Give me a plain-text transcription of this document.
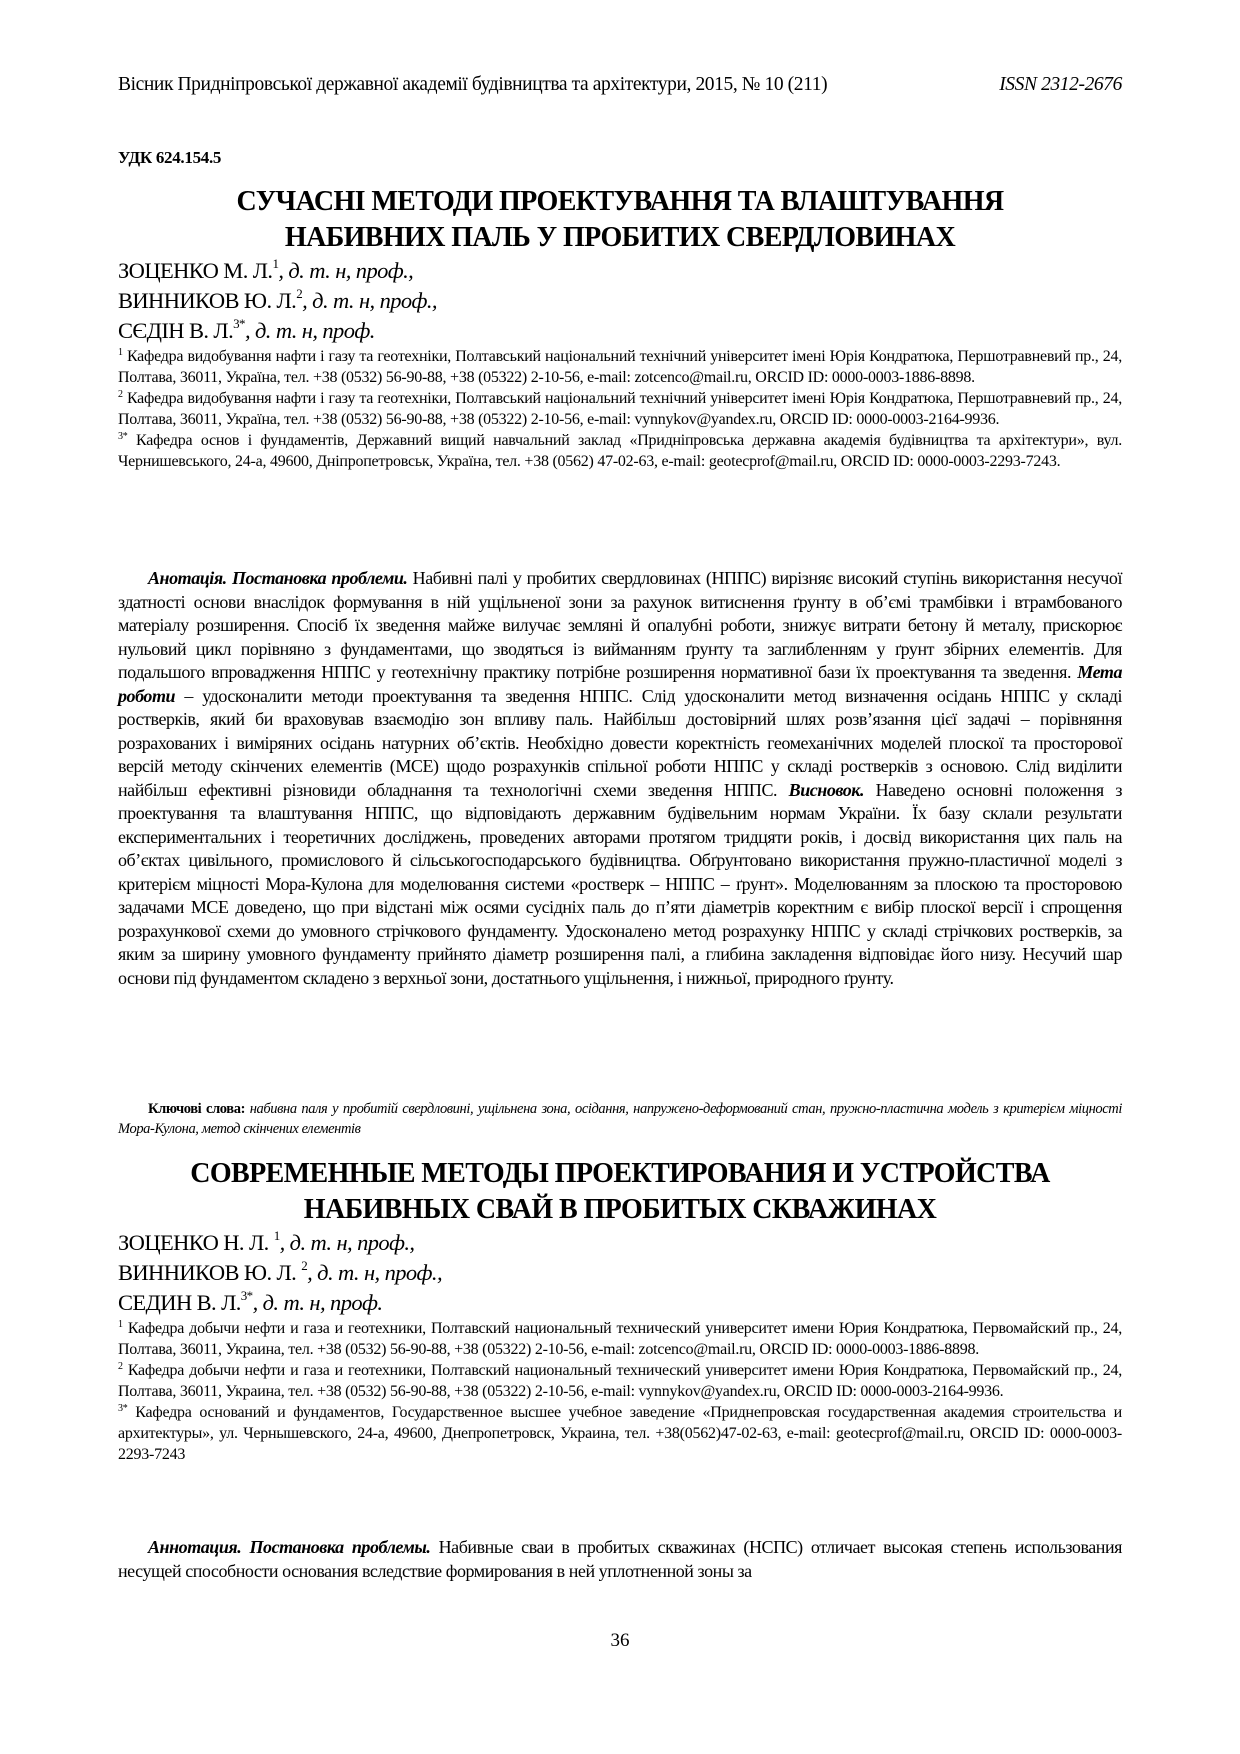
Вісник Придніпровської державної академії будівництва та архітектури, 2015, № 10 (211)	ISSN 2312-2676
УДК 624.154.5
СУЧАСНІ МЕТОДИ ПРОЕКТУВАННЯ ТА ВЛАШТУВАННЯ
НАБИВНИХ ПАЛЬ У ПРОБИТИХ СВЕРДЛОВИНАХ
ЗОЦЕНКО М. Л.$^1$, д. т. н, проф.,
ВИННИКОВ Ю. Л.$^2$, д. т. н, проф.,
СЄДІН В. Л.$^{3*}$, д. т. н, проф.

$^1$ Кафедра видобування нафти і газу та геотехніки, Полтавський національний технічний університет імені Юрія Кондратюка, Першотравневий пр., 24, Полтава, 36011, Україна, тел. +38 (0532) 56-90-88, +38 (05322) 2-10-56, e-mail: zotcenco@mail.ru, ORCID ID: 0000-0003-1886-8898.

$^2$ Кафедра видобування нафти і газу та геотехніки, Полтавський національний технічний університет імені Юрія Кондратюка, Першотравневий пр., 24, Полтава, 36011, Україна, тел. +38 (0532) 56-90-88, +38 (05322) 2-10-56, e-mail: vynnykov@yandex.ru, ORCID ID: 0000-0003-2164-9936.

$^{3*}$ Кафедра основ і фундаментів, Державний вищий навчальний заклад «Придніпровська державна академія будівництва та архітектури», вул. Чернишевського, 24-а, 49600, Дніпропетровськ, Україна, тел. +38 (0562) 47-02-63, e-mail: geotecprof@mail.ru, ORCID ID: 0000-0003-2293-7243.

Анотація. Постановка проблеми. Набивні палі у пробитих свердловинах (НППС) вирізняє високий ступінь використання несучої здатності основи внаслідок формування в ній ущільненої зони за рахунок витиснення ґрунту в об’ємі трамбівки і втрамбованого матеріалу розширення. Спосіб їх зведення майже вилучає земляні й опалубні роботи, знижує витрати бетону й металу, прискорює нульовий цикл порівняно з фундаментами, що зводяться із вийманням ґрунту та заглибленням у ґрунт збірних елементів. Для подальшого впровадження НППС у геотехнічну практику потрібне розширення нормативної бази їх проектування та зведення. Мета роботи – удосконалити методи проектування та зведення НППС. Слід удосконалити метод визначення осідань НППС у складі ростверків, який би враховував взаємодію зон впливу паль. Найбільш достовірний шлях розв’язання цієї задачі – порівняння розрахованих і виміряних осідань натурних об’єктів. Необхідно довести коректність геомеханічних моделей плоскої та просторової версій методу скінчених елементів (МСЕ) щодо розрахунків спільної роботи НППС у складі ростверків з основою. Слід виділити найбільш ефективні різновиди обладнання та технологічні схеми зведення НППС. Висновок. Наведено основні положення з проектування та влаштування НППС, що відповідають державним будівельним нормам України. Їх базу склали результати експериментальних і теоретичних досліджень, проведених авторами протягом тридцяти років, і досвід використання цих паль на об’єктах цивільного, промислового й сільськогосподарського будівництва. Обґрунтовано використання пружно-пластичної моделі з критерієм міцності Мора-Кулона для моделювання системи «ростверк – НППС – ґрунт». Моделюванням за плоскою та просторовою задачами МСЕ доведено, що при відстані між осями сусідніх паль до п’яти діаметрів коректним є вибір плоскої версії і спрощення розрахункової схеми до умовного стрічкового фундаменту. Удосконалено метод розрахунку НППС у складі стрічкових ростверків, за яким за ширину умовного фундаменту прийнято діаметр розширення палі, а глибина закладення відповідає його низу. Несучий шар основи під фундаментом складено з верхньої зони, достатнього ущільнення, і нижньої, природного ґрунту.

Ключові слова: набивна паля у пробитій свердловині, ущільнена зона, осідання, напружено-деформований стан, пружно-пластична модель з критерієм міцності Мора-Кулона, метод скінчених елементів

СОВРЕМЕННЫЕ МЕТОДЫ ПРОЕКТИРОВАНИЯ И УСТРОЙСТВА
НАБИВНЫХ СВАЙ В ПРОБИТЫХ СКВАЖИНАХ
ЗОЦЕНКО Н. Л. $^1$, д. т. н, проф.,
ВИННИКОВ Ю. Л. $^2$, д. т. н, проф.,
СЕДИН В. Л.$^{3*}$, д. т. н, проф.

$^1$ Кафедра добычи нефти и газа и геотехники, Полтавский национальный технический университет имени Юрия Кондратюка, Первомайский пр., 24, Полтава, 36011, Украина, тел. +38 (0532) 56-90-88, +38 (05322) 2-10-56, e-mail: zotcenco@mail.ru, ORCID ID: 0000-0003-1886-8898.

$^2$ Кафедра добычи нефти и газа и геотехники, Полтавский национальный технический университет имени Юрия Кондратюка, Первомайский пр., 24, Полтава, 36011, Украина, тел. +38 (0532) 56-90-88, +38 (05322) 2-10-56, e-mail: vynnykov@yandex.ru, ORCID ID: 0000-0003-2164-9936.

$^{3*}$ Кафедра оснований и фундаментов, Государственное высшее учебное заведение «Приднепровская государственная академия строительства и архитектуры», ул. Чернышевского, 24-а, 49600, Днепропетровск, Украина, тел. +38(0562)47-02-63, e-mail: geotecprof@mail.ru, ORCID ID: 0000-0003-2293-7243

Аннотация. Постановка проблемы. Набивные сваи в пробитых скважинах (НСПС) отличает высокая степень использования несущей способности основания вследствие формирования в ней уплотненной зоны за

36
